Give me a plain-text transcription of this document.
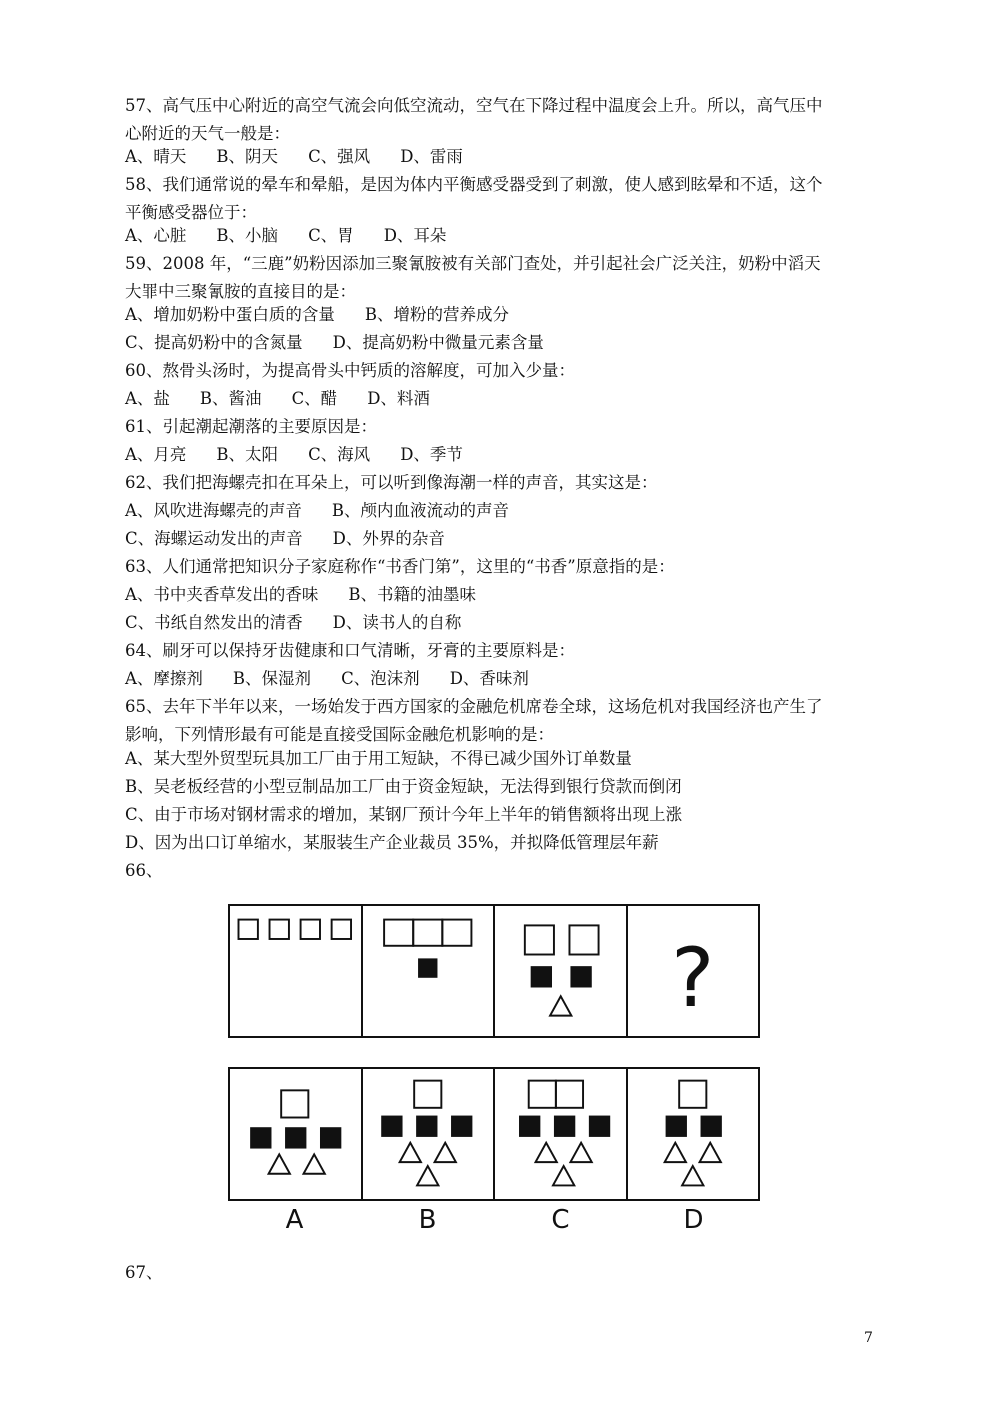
57、高气压中心附近的高空气流会向低空流动，空气在下降过程中温度会上升。所以，高气压中
心附近的天气一般是：
A、晴天 B、阴天 C、强风 D、雷雨
58、我们通常说的晕车和晕船，是因为体内平衡感受器受到了刺激，使人感到眩晕和不适，这个
平衡感受器位于：
A、心脏 B、小脑 C、胃 D、耳朵
59、2008 年，“三鹿”奶粉因添加三聚氰胺被有关部门查处，并引起社会广泛关注，奶粉中滔天
大罪中三聚氰胺的直接目的是：
A、增加奶粉中蛋白质的含量 B、增粉的营养成分
C、提高奶粉中的含氮量 D、提高奶粉中微量元素含量
60、熬骨头汤时，为提高骨头中钙质的溶解度，可加入少量：
A、盐 B、酱油 C、醋 D、料酒
61、引起潮起潮落的主要原因是：
A、月亮 B、太阳 C、海风 D、季节
62、我们把海螺壳扣在耳朵上，可以听到像海潮一样的声音，其实这是：
A、风吹进海螺壳的声音 B、颅内血液流动的声音
C、海螺运动发出的声音 D、外界的杂音
63、人们通常把知识分子家庭称作“书香门第”，这里的“书香”原意指的是：
A、书中夹香草发出的香味 B、书籍的油墨味
C、书纸自然发出的清香 D、读书人的自称
64、刷牙可以保持牙齿健康和口气清晰，牙膏的主要原料是：
A、摩擦剂 B、保湿剂 C、泡沫剂 D、香味剂
65、去年下半年以来，一场始发于西方国家的金融危机席卷全球，这场危机对我国经济也产生了
影响，下列情形最有可能是直接受国际金融危机影响的是：
A、某大型外贸型玩具加工厂由于用工短缺，不得已减少国外订单数量
B、吴老板经营的小型豆制品加工厂由于资金短缺，无法得到银行贷款而倒闭
C、由于市场对钢材需求的增加，某钢厂预计今年上半年的销售额将出现上涨
D、因为出口订单缩水，某服装生产企业裁员 35%，并拟降低管理层年薪
66、
?
A	B	C	D
67、
7
